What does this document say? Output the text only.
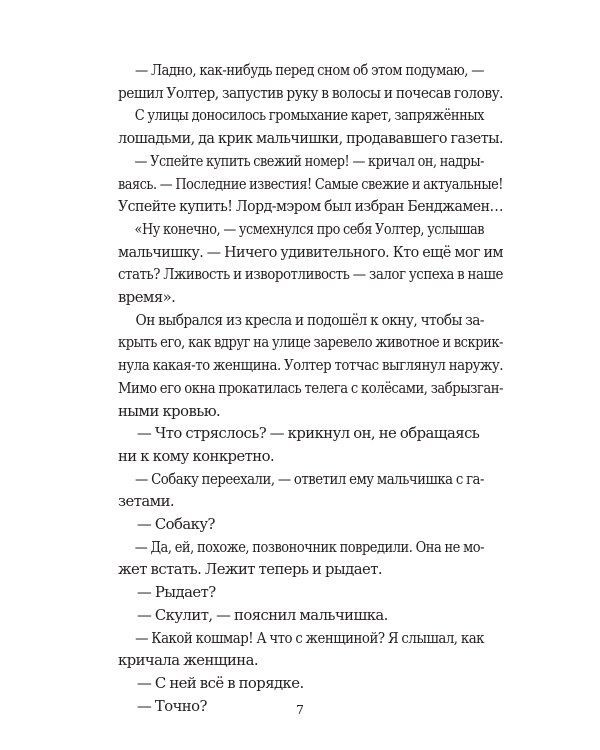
— Ладно, как-нибудь перед сном об этом подумаю, —
решил Уолтер, запустив руку в волосы и почесав голову.
С улицы доносилось громыхание карет, запряжённых
лошадьми, да крик мальчишки, продававшего газеты.
— Успейте купить свежий номер! — кричал он, надры-
ваясь. — Последние известия! Самые свежие и актуальные!
Успейте купить! Лорд-мэром был избран Бенджамен…
«Ну конечно, — усмехнулся про себя Уолтер, услышав
мальчишку. — Ничего удивительного. Кто ещё мог им
стать? Лживость и изворотливость — залог успеха в наше
время».
Он выбрался из кресла и подошёл к окну, чтобы за-
крыть его, как вдруг на улице заревело животное и вскрик-
нула какая-то женщина. Уолтер тотчас выглянул наружу.
Мимо его окна прокатилась телега с колёсами, забрызган-
ными кровью.
— Что стряслось? — крикнул он, не обращаясь
ни к кому конкретно.
— Собаку переехали, — ответил ему мальчишка с га-
зетами.
— Собаку?
— Да, ей, похоже, позвоночник повредили. Она не мо-
жет встать. Лежит теперь и рыдает.
— Рыдает?
— Скулит, — пояснил мальчишка.
— Какой кошмар! А что с женщиной? Я слышал, как
кричала женщина.
— С ней всё в порядке.
— Точно?	7
